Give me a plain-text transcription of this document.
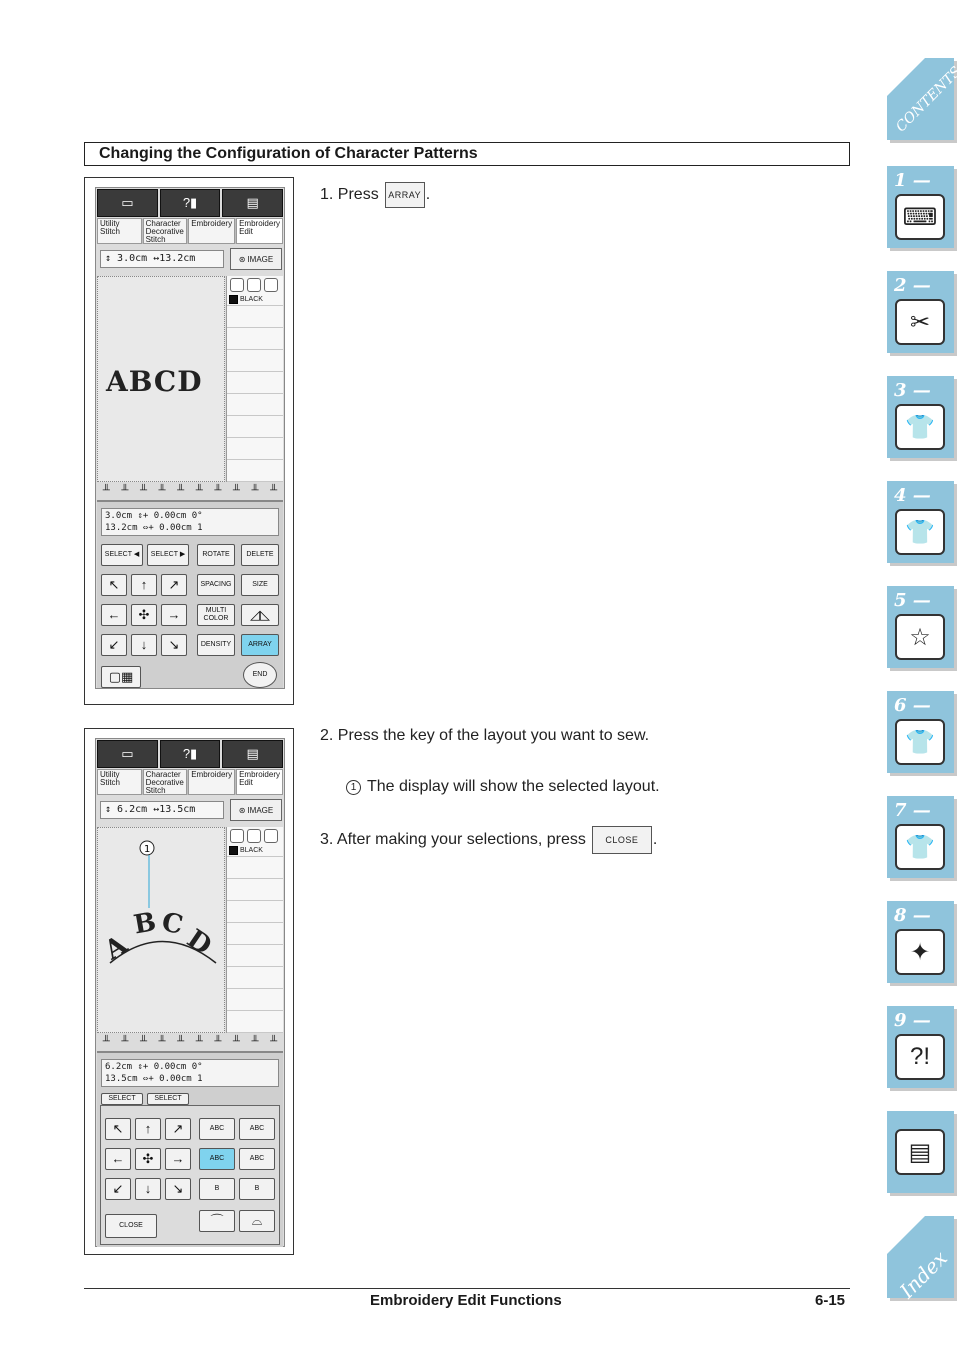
Changing the Configuration of Character Patterns
▭	?▮	▤
Utility Stitch
Character Decorative Stitch
Embroidery Embroidery Edit
↕ 3.0cm ↔13.2cm	⊛ IMAGE
ABCD
BLACK
╨ ╨ ╨ ╨ ╨ ╨ ╨ ╨ ╨ ╨
3.0cm ⇕+ 0.00cm 0°
13.2cm ⇔+ 0.00cm 1
SELECT ◀	SELECT ▶	ROTATE	DELETE
↖	↑	↗	SPACING	SIZE
←	✣	→	MULTI COLOR	◿◺
↙	↓	↘	DENSITY	ARRAY
▢▦	END
▭	?▮	▤
Utility Stitch
Character Decorative Stitch
Embroidery Embroidery Edit
↕ 6.2cm ↔13.5cm	⊛ IMAGE
1
A
B C
D
BLACK
╨ ╨ ╨ ╨ ╨ ╨ ╨ ╨ ╨ ╨
6.2cm ⇕+ 0.00cm 0°
13.5cm ⇔+ 0.00cm 1
SELECT	SELECT
↖	↑	↗	ABC	ABC
←	✣	→	ABC	ABC
↙	↓	↘	B	B
CLOSE	⌒	⌓
1. Press	ARRAY .
2. Press the key of the layout you want to sew.
1 The display will show the selected layout.
3. After making your selections, press	CLOSE .
Embroidery Edit Functions	6-15
CONTENTS
1 —
⌨
2 —
✂
3 —
👕
4 —
👕
5 —
☆
6 —
👕
7 —
👕
8 —
✦
9 —
?!
▤
Index
